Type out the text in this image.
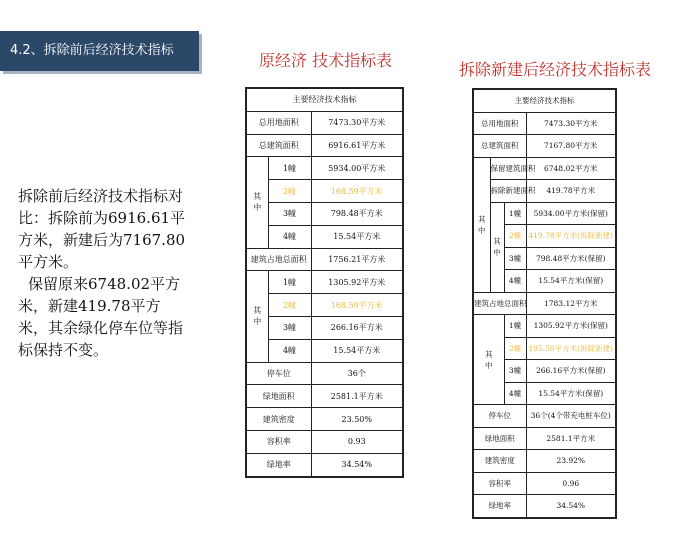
4.2、拆除前后经济技术指标

拆除前后经济技术指标对比：拆除前为6916.61平方米，新建后为7167.80平方米。

保留原来6748.02平方米，新建419.78平方米，其余绿化停车位等指标保持不变。

原经济 技术指标表	拆除新建后经济技术指标表
主要经济技术指标		
总用地面积		7473.30平方米
总建筑面积		6916.61平方米
其
中	1幢	5934.00平方米
	2幢	168.59平方米
	3幢	798.48平方米
	4幢	15.54平方米
建筑占地总面积		1756.21平方米
其
中	1幢	1305.92平方米
	2幢	168.59平方米
	3幢	266.16平方米
	4幢	15.54平方米
停车位		36个
绿地面积		2581.1平方米
建筑密度		23.50%
容积率		0.93
绿地率		34.54%
主要经济技术指标			
总用地面积			7473.30平方米
总建筑面积			7167.80平方米
其
中	保留建筑面积		6748.02平方米
	拆除新建面积		419.78平方米
	其
中	1幢	5934.00平方米(保留)
		2幢	419.78平方米(拆除新建)
		3幢	798.48平方米(保留)
		4幢	15.54平方米(保留)
建筑占地总面积			1783.12平方米
其
中		1幢	1305.92平方米(保留)
		2幢	195.50平方米(拆除新建)
		3幢	266.16平方米(保留)
		4幢	15.54平方米(保留)
停车位			36个(4个带充电桩车位)
绿地面积			2581.1平方米
建筑密度			23.92%
容积率			0.96
绿地率			34.54%
